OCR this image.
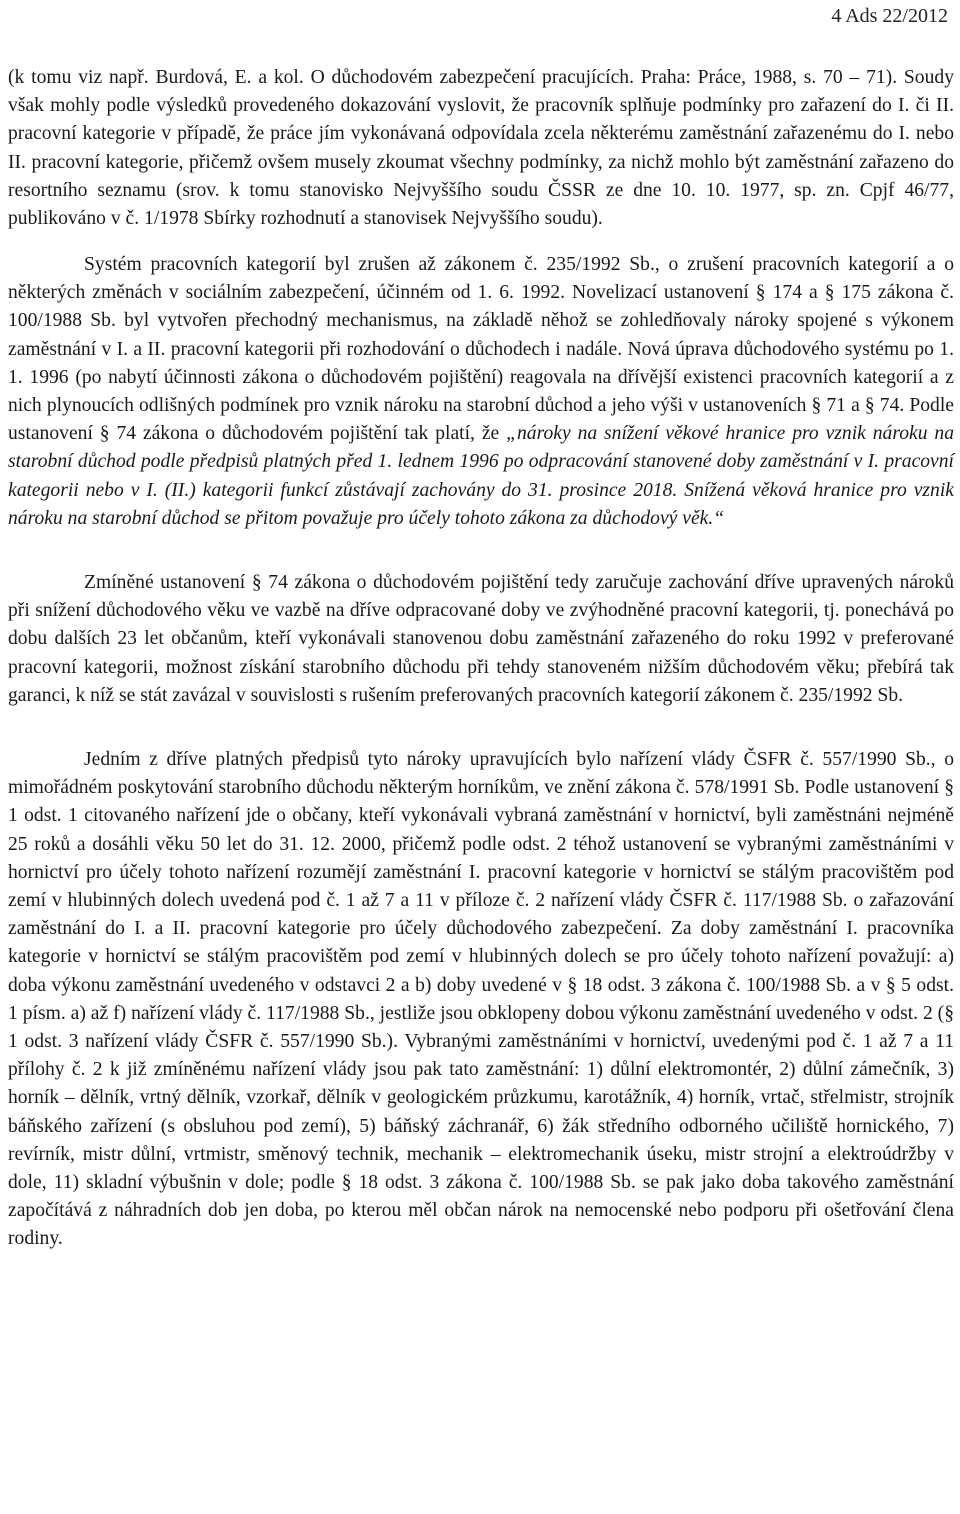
4 Ads 22/2012

(k tomu viz např. Burdová, E. a kol. O důchodovém zabezpečení pracujících. Praha: Práce, 1988, s. 70 – 71). Soudy však mohly podle výsledků provedeného dokazování vyslovit, že pracovník splňuje podmínky pro zařazení do I. či II. pracovní kategorie v případě, že práce jím vykonávaná odpovídala zcela některému zaměstnání zařazenému do I. nebo II. pracovní kategorie, přičemž ovšem musely zkoumat všechny podmínky, za nichž mohlo být zaměstnání zařazeno do resortního seznamu (srov. k tomu stanovisko Nejvyššího soudu ČSSR ze dne 10. 10. 1977, sp. zn. Cpjf 46/77, publikováno v č. 1/1978 Sbírky rozhodnutí a stanovisek Nejvyššího soudu).

Systém pracovních kategorií byl zrušen až zákonem č. 235/1992 Sb., o zrušení pracovních kategorií a o některých změnách v sociálním zabezpečení, účinném od 1. 6. 1992. Novelizací ustanovení § 174 a § 175 zákona č. 100/1988 Sb. byl vytvořen přechodný mechanismus, na základě něhož se zohledňovaly nároky spojené s výkonem zaměstnání v I. a II. pracovní kategorii při rozhodování o důchodech i nadále. Nová úprava důchodového systému po 1. 1. 1996 (po nabytí účinnosti zákona o důchodovém pojištění) reagovala na dřívější existenci pracovních kategorií a z nich plynoucích odlišných podmínek pro vznik nároku na starobní důchod a jeho výši v ustanoveních § 71 a § 74. Podle ustanovení § 74 zákona o důchodovém pojištění tak platí, že „nároky na snížení věkové hranice pro vznik nároku na starobní důchod podle předpisů platných před 1. lednem 1996 po odpracování stanovené doby zaměstnání v I. pracovní kategorii nebo v I. (II.) kategorii funkcí zůstávají zachovány do 31. prosince 2018. Snížená věková hranice pro vznik nároku na starobní důchod se přitom považuje pro účely tohoto zákona za důchodový věk.“

Zmíněné ustanovení § 74 zákona o důchodovém pojištění tedy zaručuje zachování dříve upravených nároků při snížení důchodového věku ve vazbě na dříve odpracované doby ve zvýhodněné pracovní kategorii, tj. ponechává po dobu dalších 23 let občanům, kteří vykonávali stanovenou dobu zaměstnání zařazeného do roku 1992 v preferované pracovní kategorii, možnost získání starobního důchodu při tehdy stanoveném nižším důchodovém věku; přebírá tak garanci, k níž se stát zavázal v souvislosti s rušením preferovaných pracovních kategorií zákonem č. 235/1992 Sb.

Jedním z dříve platných předpisů tyto nároky upravujících bylo nařízení vlády ČSFR č. 557/1990 Sb., o mimořádném poskytování starobního důchodu některým horníkům, ve znění zákona č. 578/1991 Sb. Podle ustanovení § 1 odst. 1 citovaného nařízení jde o občany, kteří vykonávali vybraná zaměstnání v hornictví, byli zaměstnáni nejméně 25 roků a dosáhli věku 50 let do 31. 12. 2000, přičemž podle odst. 2 téhož ustanovení se vybranými zaměstnáními v hornictví pro účely tohoto nařízení rozumějí zaměstnání I. pracovní kategorie v hornictví se stálým pracovištěm pod zemí v hlubinných dolech uvedená pod č. 1 až 7 a 11 v příloze č. 2 nařízení vlády ČSFR č. 117/1988 Sb. o zařazování zaměstnání do I. a II. pracovní kategorie pro účely důchodového zabezpečení. Za doby zaměstnání I. pracovníka kategorie v hornictví se stálým pracovištěm pod zemí v hlubinných dolech se pro účely tohoto nařízení považují: a) doba výkonu zaměstnání uvedeného v odstavci 2 a b) doby uvedené v § 18 odst. 3 zákona č. 100/1988 Sb. a v § 5 odst. 1 písm. a) až f) nařízení vlády č. 117/1988 Sb., jestliže jsou obklopeny dobou výkonu zaměstnání uvedeného v odst. 2 (§ 1 odst. 3 nařízení vlády ČSFR č. 557/1990 Sb.). Vybranými zaměstnáními v hornictví, uvedenými pod č. 1 až 7 a 11 přílohy č. 2 k již zmíněnému nařízení vlády jsou pak tato zaměstnání: 1) důlní elektromontér, 2) důlní zámečník, 3) horník – dělník, vrtný dělník, vzorkař, dělník v geologickém průzkumu, karotážník, 4) horník, vrtač, střelmistr, strojník báňského zařízení (s obsluhou pod zemí), 5) báňský záchranář, 6) žák středního odborného učiliště hornického, 7) revírník, mistr důlní, vrtmistr, směnový technik, mechanik – elektromechanik úseku, mistr strojní a elektroúdržby v dole, 11) skladní výbušnin v dole; podle § 18 odst. 3 zákona č. 100/1988 Sb. se pak jako doba takového zaměstnání započítává z náhradních dob jen doba, po kterou měl občan nárok na nemocenské nebo podporu při ošetřování člena rodiny.
